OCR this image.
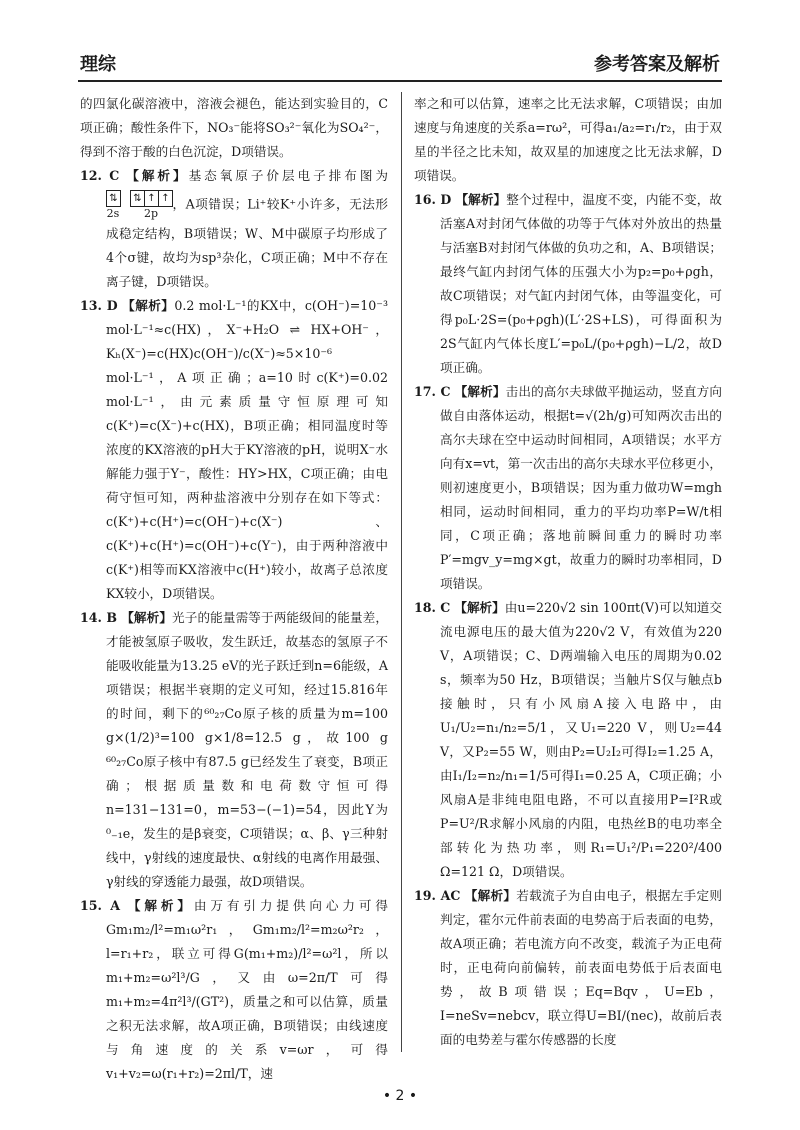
理综	参考答案及解析

的四氯化碳溶液中，溶液会褪色，能达到实验目的，C项正确；酸性条件下，NO₃⁻能将SO₃²⁻氧化为SO₄²⁻，得到不溶于酸的白色沉淀，D项错误。

12. C 【解析】基态氧原子价层电子排布图为
⇅
2s
⇅ ↑ ↑
2p
，A项错误；Li⁺较K⁺小许多，无法形成稳定结构，B项错误；W、M中碳原子均形成了4个σ键，故均为sp³杂化，C项正确；M中不存在离子键，D项错误。

13. D 【解析】0.2 mol·L⁻¹的KX中，c(OH⁻)=10⁻³ mol·L⁻¹≈c(HX)，X⁻+H₂O ⇌ HX+OH⁻，Kₕ(X⁻)=c(HX)c(OH⁻)/c(X⁻)≈5×10⁻⁶ mol·L⁻¹，A项正确；a=10时c(K⁺)=0.02 mol·L⁻¹，由元素质量守恒原理可知c(K⁺)=c(X⁻)+c(HX)，B项正确；相同温度时等浓度的KX溶液的pH大于KY溶液的pH，说明X⁻水解能力强于Y⁻，酸性：HY>HX，C项正确；由电荷守恒可知，两种盐溶液中分别存在如下等式：c(K⁺)+c(H⁺)=c(OH⁻)+c(X⁻)、c(K⁺)+c(H⁺)=c(OH⁻)+c(Y⁻)，由于两种溶液中c(K⁺)相等而KX溶液中c(H⁺)较小，故离子总浓度KX较小，D项错误。

14. B 【解析】光子的能量需等于两能级间的能量差，才能被氢原子吸收，发生跃迁，故基态的氢原子不能吸收能量为13.25 eV的光子跃迁到n=6能级，A项错误；根据半衰期的定义可知，经过15.816年的时间，剩下的⁶⁰₂₇Co原子核的质量为m=100 g×(1/2)³=100 g×1/8=12.5 g，故100 g ⁶⁰₂₇Co原子核中有87.5 g已经发生了衰变，B项正确；根据质量数和电荷数守恒可得n=131−131=0，m=53−(−1)=54，因此Y为⁰₋₁e，发生的是β衰变，C项错误；α、β、γ三种射线中，γ射线的速度最快、α射线的电离作用最强、γ射线的穿透能力最强，故D项错误。

15. A 【解析】由万有引力提供向心力可得Gm₁m₂/l²=m₁ω²r₁，Gm₁m₂/l²=m₂ω²r₂，l=r₁+r₂，联立可得G(m₁+m₂)/l²=ω²l，所以m₁+m₂=ω²l³/G，又由ω=2π/T可得m₁+m₂=4π²l³/(GT²)，质量之和可以估算，质量之积无法求解，故A项正确，B项错误；由线速度与角速度的关系v=ωr，可得v₁+v₂=ω(r₁+r₂)=2πl/T，速

率之和可以估算，速率之比无法求解，C项错误；由加速度与角速度的关系a=rω²，可得a₁/a₂=r₁/r₂，由于双星的半径之比未知，故双星的加速度之比无法求解，D项错误。

16. D 【解析】整个过程中，温度不变，内能不变，故活塞A对封闭气体做的功等于气体对外放出的热量与活塞B对封闭气体做的负功之和，A、B项错误；最终气缸内封闭气体的压强大小为p₂=p₀+ρgh，故C项错误；对气缸内封闭气体，由等温变化，可得p₀L·2S=(p₀+ρgh)(L′·2S+LS)，可得面积为2S气缸内气体长度L′=p₀L/(p₀+ρgh)−L/2，故D项正确。

17. C 【解析】击出的高尔夫球做平抛运动，竖直方向做自由落体运动，根据t=√(2h/g)可知两次击出的高尔夫球在空中运动时间相同，A项错误；水平方向有x=vt，第一次击出的高尔夫球水平位移更小，则初速度更小，B项错误；因为重力做功W=mgh相同，运动时间相同，重力的平均功率P=W/t相同，C项正确；落地前瞬间重力的瞬时功率P′=mgv_y=mg×gt，故重力的瞬时功率相同，D项错误。

18. C 【解析】由u=220√2 sin 100πt(V)可以知道交流电源电压的最大值为220√2 V，有效值为220 V，A项错误；C、D两端输入电压的周期为0.02 s，频率为50 Hz，B项错误；当触片S仅与触点b接触时，只有小风扇A接入电路中，由U₁/U₂=n₁/n₂=5/1，又U₁=220 V，则U₂=44 V，又P₂=55 W，则由P₂=U₂I₂可得I₂=1.25 A，由I₁/I₂=n₂/n₁=1/5可得I₁=0.25 A，C项正确；小风扇A是非纯电阻电路，不可以直接用P=I²R或P=U²/R求解小风扇的内阻，电热丝B的电功率全部转化为热功率，则R₁=U₁²/P₁=220²/400 Ω=121 Ω，D项错误。

19. AC 【解析】若载流子为自由电子，根据左手定则判定，霍尔元件前表面的电势高于后表面的电势，故A项正确；若电流方向不改变，载流子为正电荷时，正电荷向前偏转，前表面电势低于后表面电势，故B项错误；Eq=Bqv，U=Eb，I=neSv=nebcv，联立得U=BI/(nec)，故前后表面的电势差与霍尔传感器的长度

• 2 •
